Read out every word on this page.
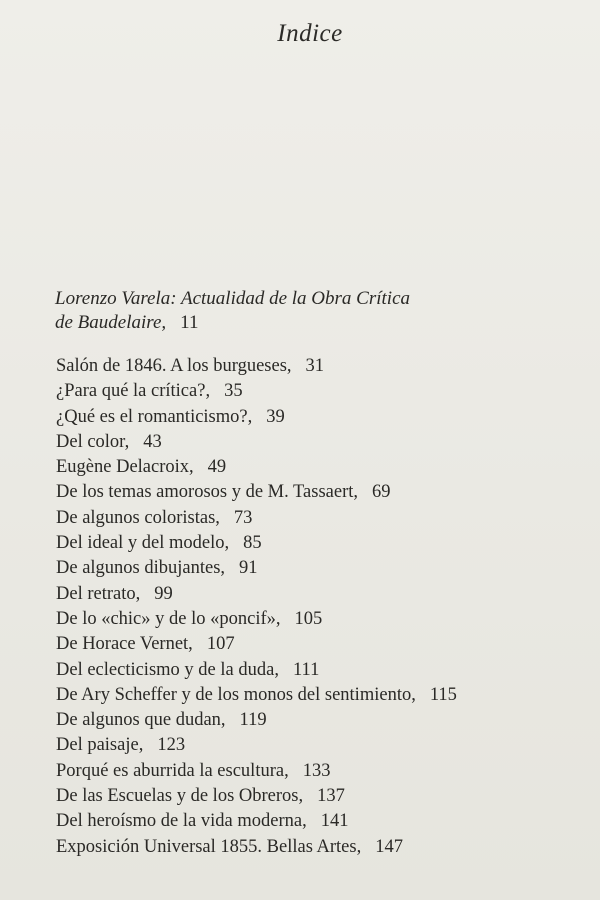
Indice
Lorenzo Varela: Actualidad de la Obra Crítica
de Baudelaire, 11
Salón de 1846. A los burgueses, 31
¿Para qué la crítica?, 35
¿Qué es el romanticismo?, 39
Del color, 43
Eugène Delacroix, 49
De los temas amorosos y de M. Tassaert, 69
De algunos coloristas, 73
Del ideal y del modelo, 85
De algunos dibujantes, 91
Del retrato, 99
De lo «chic» y de lo «poncif», 105
De Horace Vernet, 107
Del eclecticismo y de la duda, 111
De Ary Scheffer y de los monos del sentimiento, 115
De algunos que dudan, 119
Del paisaje, 123
Porqué es aburrida la escultura, 133
De las Escuelas y de los Obreros, 137
Del heroísmo de la vida moderna, 141
Exposición Universal 1855. Bellas Artes, 147
